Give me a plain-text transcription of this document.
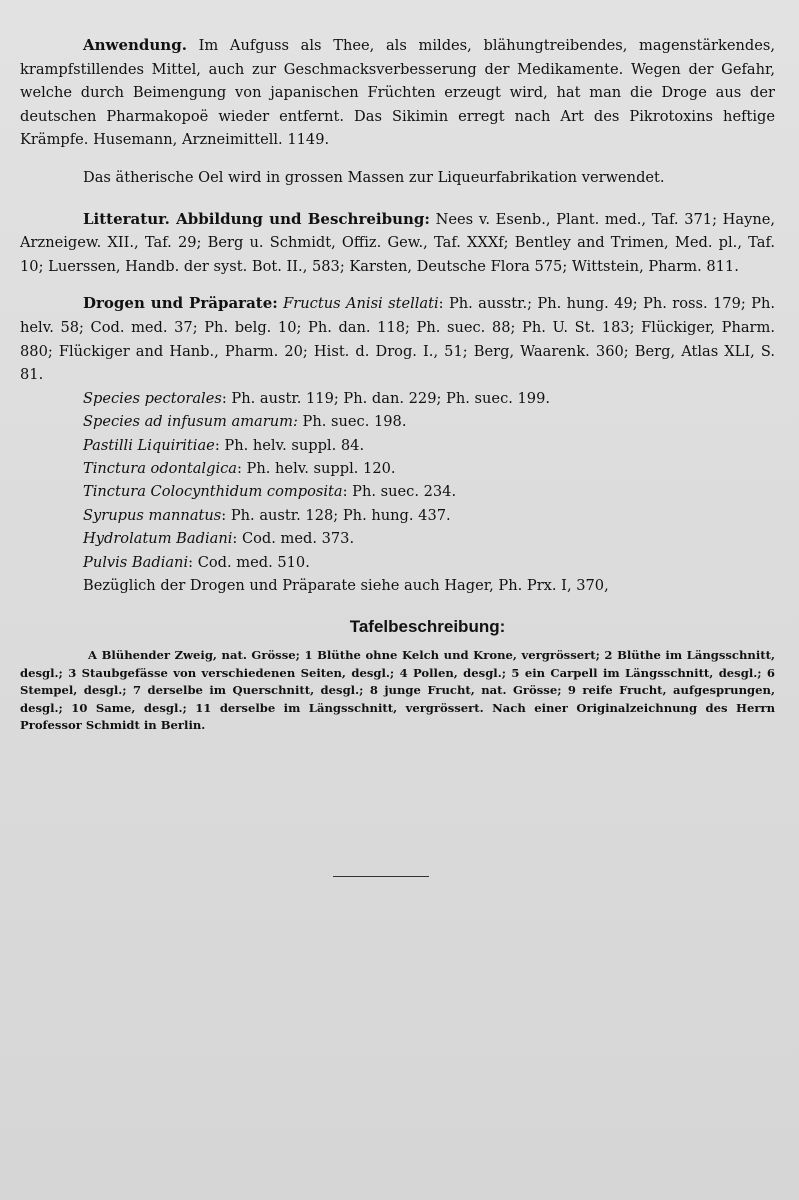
Anwendung. Im Aufguss als Thee, als mildes, blähungtreibendes, magenstärkendes, krampfstillendes Mittel, auch zur Geschmacksverbesserung der Medikamente. Wegen der Gefahr, welche durch Beimengung von japanischen Früchten erzeugt wird, hat man die Droge aus der deutschen Pharmakopoë wieder entfernt. Das Sikimin erregt nach Art des Pikrotoxins heftige Krämpfe. Husemann, Arzneimittell. 1149.

Das ätherische Oel wird in grossen Massen zur Liqueurfabrikation verwendet.

Litteratur. Abbildung und Beschreibung: Nees v. Esenb., Plant. med., Taf. 371; Hayne, Arzneigew. XII., Taf. 29; Berg u. Schmidt, Offiz. Gew., Taf. XXXf; Bentley and Trimen, Med. pl., Taf. 10; Luerssen, Handb. der syst. Bot. II., 583; Karsten, Deutsche Flora 575; Wittstein, Pharm. 811.

Drogen und Präparate: Fructus Anisi stellati: Ph. ausstr.; Ph. hung. 49; Ph. ross. 179; Ph. helv. 58; Cod. med. 37; Ph. belg. 10; Ph. dan. 118; Ph. suec. 88; Ph. U. St. 183; Flückiger, Pharm. 880; Flückiger and Hanb., Pharm. 20; Hist. d. Drog. I., 51; Berg, Waarenk. 360; Berg, Atlas XLI, S. 81.

Species pectorales: Ph. austr. 119; Ph. dan. 229; Ph. suec. 199.

Species ad infusum amarum: Ph. suec. 198.

Pastilli Liquiritiae: Ph. helv. suppl. 84.

Tinctura odontalgica: Ph. helv. suppl. 120.

Tinctura Colocynthidum composita: Ph. suec. 234.

Syrupus mannatus: Ph. austr. 128; Ph. hung. 437.

Hydrolatum Badiani: Cod. med. 373.

Pulvis Badiani: Cod. med. 510.

Bezüglich der Drogen und Präparate siehe auch Hager, Ph. Prx. I, 370,

Tafelbeschreibung:

A Blühender Zweig, nat. Grösse; 1 Blüthe ohne Kelch und Krone, vergrössert; 2 Blüthe im Längsschnitt, desgl.; 3 Staubgefässe von verschiedenen Seiten, desgl.; 4 Pollen, desgl.; 5 ein Carpell im Längsschnitt, desgl.; 6 Stempel, desgl.; 7 derselbe im Querschnitt, desgl.; 8 junge Frucht, nat. Grösse; 9 reife Frucht, aufgesprungen, desgl.; 10 Same, desgl.; 11 derselbe im Längsschnitt, vergrössert. Nach einer Originalzeichnung des Herrn Professor Schmidt in Berlin.
